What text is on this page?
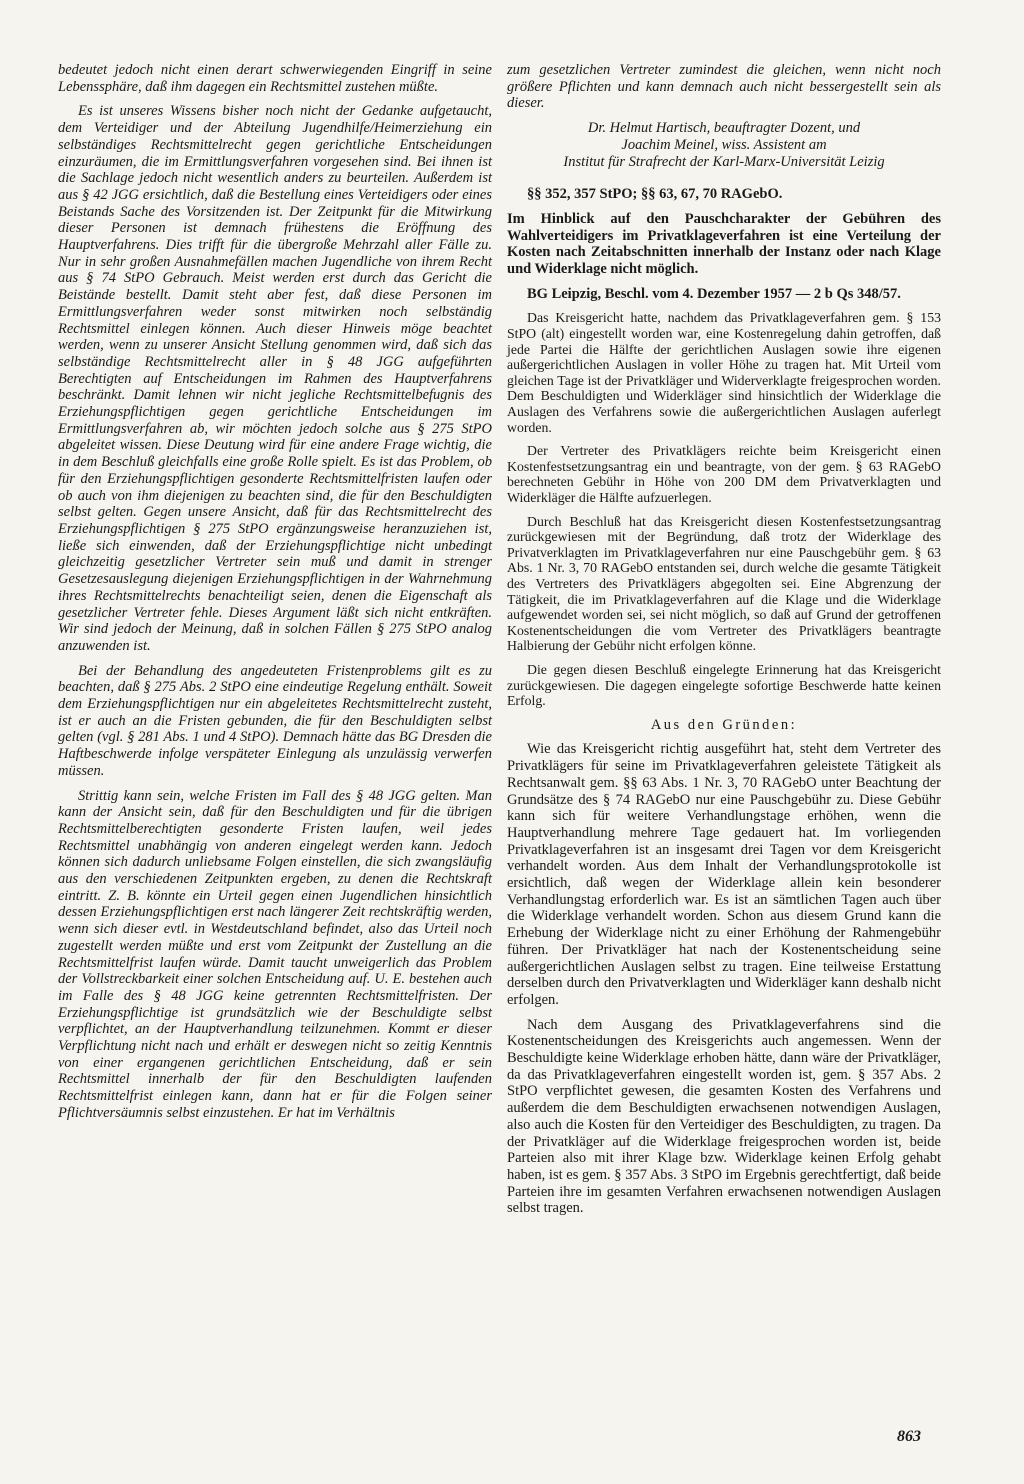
bedeutet jedoch nicht einen derart schwerwiegenden Eingriff in seine Lebenssphäre, daß ihm dagegen ein Rechtsmittel zustehen müßte.

Es ist unseres Wissens bisher noch nicht der Gedanke aufgetaucht, dem Verteidiger und der Abteilung Jugendhilfe/Heimerziehung ein selbständiges Rechtsmittelrecht gegen gerichtliche Entscheidungen einzuräumen, die im Ermittlungsverfahren vorgesehen sind. Bei ihnen ist die Sachlage jedoch nicht wesentlich anders zu beurteilen. Außerdem ist aus § 42 JGG ersichtlich, daß die Bestellung eines Verteidigers oder eines Beistands Sache des Vorsitzenden ist. Der Zeitpunkt für die Mitwirkung dieser Personen ist demnach frühestens die Eröffnung des Hauptverfahrens. Dies trifft für die übergroße Mehrzahl aller Fälle zu. Nur in sehr großen Ausnahmefällen machen Jugendliche von ihrem Recht aus § 74 StPO Gebrauch. Meist werden erst durch das Gericht die Beistände bestellt. Damit steht aber fest, daß diese Personen im Ermittlungsverfahren weder sonst mitwirken noch selbständig Rechtsmittel einlegen können. Auch dieser Hinweis möge beachtet werden, wenn zu unserer Ansicht Stellung genommen wird, daß sich das selbständige Rechtsmittelrecht aller in § 48 JGG aufgeführten Berechtigten auf Entscheidungen im Rahmen des Hauptverfahrens beschränkt. Damit lehnen wir nicht jegliche Rechtsmittelbefugnis des Erziehungspflichtigen gegen gerichtliche Entscheidungen im Ermittlungsverfahren ab, wir möchten jedoch solche aus § 275 StPO abgeleitet wissen. Diese Deutung wird für eine andere Frage wichtig, die in dem Beschluß gleichfalls eine große Rolle spielt. Es ist das Problem, ob für den Erziehungspflichtigen gesonderte Rechtsmittelfristen laufen oder ob auch von ihm diejenigen zu beachten sind, die für den Beschuldigten selbst gelten. Gegen unsere Ansicht, daß für das Rechtsmittelrecht des Erziehungspflichtigen § 275 StPO ergänzungsweise heranzuziehen ist, ließe sich einwenden, daß der Erziehungspflichtige nicht unbedingt gleichzeitig gesetzlicher Vertreter sein muß und damit in strenger Gesetzesauslegung diejenigen Erziehungspflichtigen in der Wahrnehmung ihres Rechtsmittelrechts benachteiligt seien, denen die Eigenschaft als gesetzlicher Vertreter fehle. Dieses Argument läßt sich nicht entkräften. Wir sind jedoch der Meinung, daß in solchen Fällen § 275 StPO analog anzuwenden ist.

Bei der Behandlung des angedeuteten Fristenproblems gilt es zu beachten, daß § 275 Abs. 2 StPO eine eindeutige Regelung enthält. Soweit dem Erziehungspflichtigen nur ein abgeleitetes Rechtsmittelrecht zusteht, ist er auch an die Fristen gebunden, die für den Beschuldigten selbst gelten (vgl. § 281 Abs. 1 und 4 StPO). Demnach hätte das BG Dresden die Haftbeschwerde infolge verspäteter Einlegung als unzulässig verwerfen müssen.

Strittig kann sein, welche Fristen im Fall des § 48 JGG gelten. Man kann der Ansicht sein, daß für den Beschuldigten und für die übrigen Rechtsmittelberechtigten gesonderte Fristen laufen, weil jedes Rechtsmittel unabhängig von anderen eingelegt werden kann. Jedoch können sich dadurch unliebsame Folgen einstellen, die sich zwangsläufig aus den verschiedenen Zeitpunkten ergeben, zu denen die Rechtskraft eintritt. Z. B. könnte ein Urteil gegen einen Jugendlichen hinsichtlich dessen Erziehungspflichtigen erst nach längerer Zeit rechtskräftig werden, wenn sich dieser evtl. in Westdeutschland befindet, also das Urteil noch zugestellt werden müßte und erst vom Zeitpunkt der Zustellung an die Rechtsmittelfrist laufen würde. Damit taucht unweigerlich das Problem der Vollstreckbarkeit einer solchen Entscheidung auf. U. E. bestehen auch im Falle des § 48 JGG keine getrennten Rechtsmittelfristen. Der Erziehungspflichtige ist grundsätzlich wie der Beschuldigte selbst verpflichtet, an der Hauptverhandlung teilzunehmen. Kommt er dieser Verpflichtung nicht nach und erhält er deswegen nicht so zeitig Kenntnis von einer ergangenen gerichtlichen Entscheidung, daß er sein Rechtsmittel innerhalb der für den Beschuldigten laufenden Rechtsmittelfrist einlegen kann, dann hat er für die Folgen seiner Pflichtversäumnis selbst einzustehen. Er hat im Verhältnis

zum gesetzlichen Vertreter zumindest die gleichen, wenn nicht noch größere Pflichten und kann demnach auch nicht bessergestellt sein als dieser.

Dr. Helmut Hartisch, beauftragter Dozent, und
Joachim Meinel, wiss. Assistent am
Institut für Strafrecht der Karl-Marx-Universität Leizig

§§ 352, 357 StPO; §§ 63, 67, 70 RAGebO.

Im Hinblick auf den Pauschcharakter der Gebühren des Wahlverteidigers im Privatklageverfahren ist eine Verteilung der Kosten nach Zeitabschnitten innerhalb der Instanz oder nach Klage und Widerklage nicht möglich.

BG Leipzig, Beschl. vom 4. Dezember 1957 — 2 b Qs 348/57.

Das Kreisgericht hatte, nachdem das Privatklageverfahren gem. § 153 StPO (alt) eingestellt worden war, eine Kostenregelung dahin getroffen, daß jede Partei die Hälfte der gerichtlichen Auslagen sowie ihre eigenen außergerichtlichen Auslagen in voller Höhe zu tragen hat. Mit Urteil vom gleichen Tage ist der Privatkläger und Widerverklagte freigesprochen worden. Dem Beschuldigten und Widerkläger sind hinsichtlich der Widerklage die Auslagen des Verfahrens sowie die außergerichtlichen Auslagen auferlegt worden.

Der Vertreter des Privatklägers reichte beim Kreisgericht einen Kostenfestsetzungsantrag ein und beantragte, von der gem. § 63 RAGebO berechneten Gebühr in Höhe von 200 DM dem Privatverklagten und Widerkläger die Hälfte aufzuerlegen.

Durch Beschluß hat das Kreisgericht diesen Kostenfestsetzungsantrag zurückgewiesen mit der Begründung, daß trotz der Widerklage des Privatverklagten im Privatklageverfahren nur eine Pauschgebühr gem. § 63 Abs. 1 Nr. 3, 70 RAGebO entstanden sei, durch welche die gesamte Tätigkeit des Vertreters des Privatklägers abgegolten sei. Eine Abgrenzung der Tätigkeit, die im Privatklageverfahren auf die Klage und die Widerklage aufgewendet worden sei, sei nicht möglich, so daß auf Grund der getroffenen Kostenentscheidungen die vom Vertreter des Privatklägers beantragte Halbierung der Gebühr nicht erfolgen könne.

Die gegen diesen Beschluß eingelegte Erinnerung hat das Kreisgericht zurückgewiesen. Die dagegen eingelegte sofortige Beschwerde hatte keinen Erfolg.

Aus den Gründen:

Wie das Kreisgericht richtig ausgeführt hat, steht dem Vertreter des Privatklägers für seine im Privatklageverfahren geleistete Tätigkeit als Rechtsanwalt gem. §§ 63 Abs. 1 Nr. 3, 70 RAGebO unter Beachtung der Grundsätze des § 74 RAGebO nur eine Pauschgebühr zu. Diese Gebühr kann sich für weitere Verhandlungstage erhöhen, wenn die Hauptverhandlung mehrere Tage gedauert hat. Im vorliegenden Privatklageverfahren ist an insgesamt drei Tagen vor dem Kreisgericht verhandelt worden. Aus dem Inhalt der Verhandlungsprotokolle ist ersichtlich, daß wegen der Widerklage allein kein besonderer Verhandlungstag erforderlich war. Es ist an sämtlichen Tagen auch über die Widerklage verhandelt worden. Schon aus diesem Grund kann die Erhebung der Widerklage nicht zu einer Erhöhung der Rahmengebühr führen. Der Privatkläger hat nach der Kostenentscheidung seine außergerichtlichen Auslagen selbst zu tragen. Eine teilweise Erstattung derselben durch den Privatverklagten und Widerkläger kann deshalb nicht erfolgen.

Nach dem Ausgang des Privatklageverfahrens sind die Kostenentscheidungen des Kreisgerichts auch angemessen. Wenn der Beschuldigte keine Widerklage erhoben hätte, dann wäre der Privatkläger, da das Privatklageverfahren eingestellt worden ist, gem. § 357 Abs. 2 StPO verpflichtet gewesen, die gesamten Kosten des Verfahrens und außerdem die dem Beschuldigten erwachsenen notwendigen Auslagen, also auch die Kosten für den Verteidiger des Beschuldigten, zu tragen. Da der Privatkläger auf die Widerklage freigesprochen worden ist, beide Parteien also mit ihrer Klage bzw. Widerklage keinen Erfolg gehabt haben, ist es gem. § 357 Abs. 3 StPO im Ergebnis gerechtfertigt, daß beide Parteien ihre im gesamten Verfahren erwachsenen notwendigen Auslagen selbst tragen.

863
